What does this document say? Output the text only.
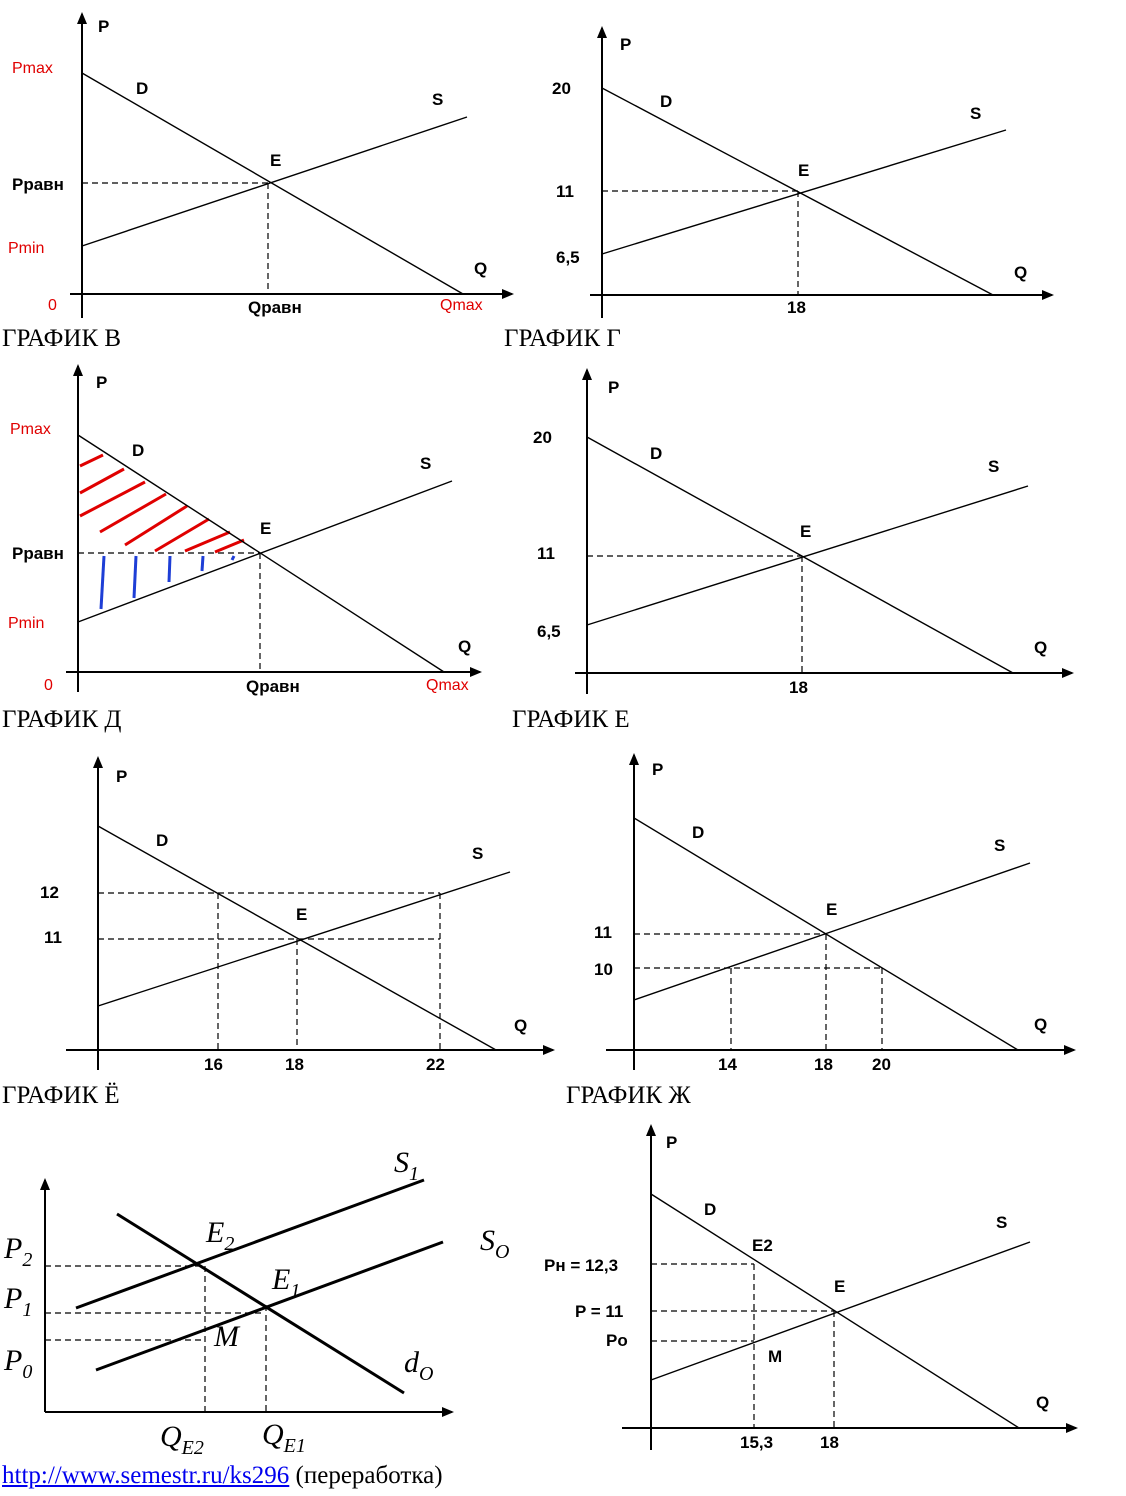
P
Q
D
S
E
Pmax
Pравн
Pmin
0	Qравн	Qmax
P
Q
D
S
E
20
11
6,5
18
P
Q
D
S
E
Pmax
Pравн
Pmin
0	Qравн	Qmax
P
Q
D
S
E
20
11
6,5
18
P
Q
D
S
E
12
11
16	18	22
P
Q
D
S
E
11
10
14	18 20
$S_1$
$S_O$
$d_O$
$E_2$
$E_1$
M
$P_2$
$P_1$
$P_0$
$Q_{E2}$ $Q_{E1}$
P
Q
D
S
E
E2
M
Pн = 12,3
P = 11
Pо
15,3	18
ГРАФИК В	ГРАФИК Г
ГРАФИК Д	ГРАФИК Е
ГРАФИК Ё	ГРАФИК Ж
http://www.semestr.ru/ks296 (переработка)
